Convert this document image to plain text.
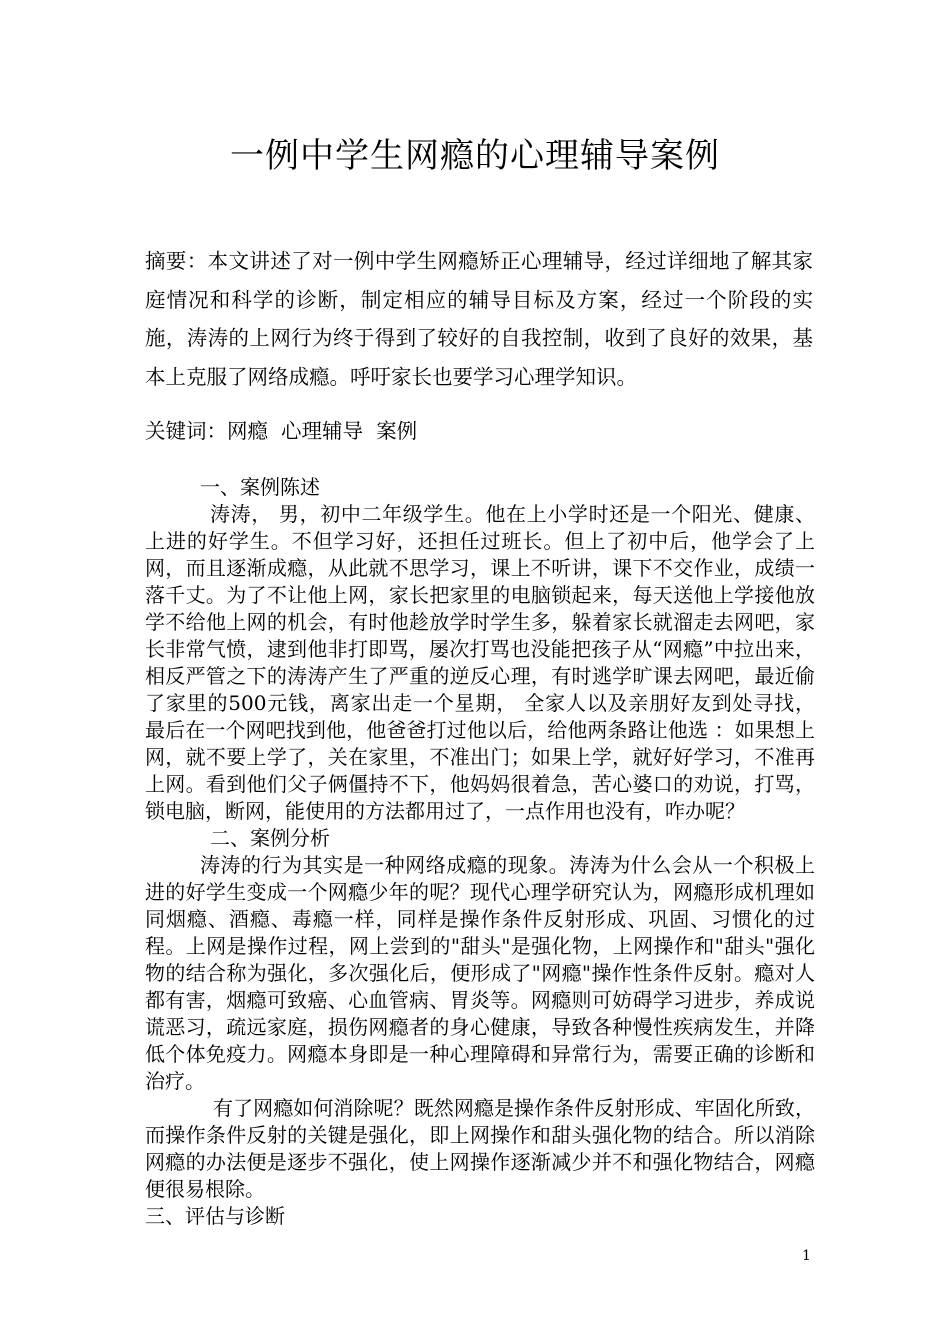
一例中学生网瘾的心理辅导案例

摘要：本文讲述了对一例中学生网瘾矫正心理辅导，经过详细地了解其家庭情况和科学的诊断，制定相应的辅导目标及方案，经过一个阶段的实施，涛涛的上网行为终于得到了较好的自我控制，收到了良好的效果，基本上克服了网络成瘾。呼吁家长也要学习心理学知识。

关键词：网瘾  心理辅导  案例

一、案例陈述

涛涛， 男，初中二年级学生。他在上小学时还是一个阳光、健康、上进的好学生。不但学习好，还担任过班长。但上了初中后，他学会了上网，而且逐渐成瘾，从此就不思学习，课上不听讲，课下不交作业，成绩一落千丈。为了不让他上网，家长把家里的电脑锁起来，每天送他上学接他放学不给他上网的机会，有时他趁放学时学生多，躲着家长就溜走去网吧，家长非常气愤，逮到他非打即骂，屡次打骂也没能把孩子从“网瘾”中拉出来，相反严管之下的涛涛产生了严重的逆反心理，有时逃学旷课去网吧，最近偷了家里的500元钱，离家出走一个星期， 全家人以及亲朋好友到处寻找， 最后在一个网吧找到他，他爸爸打过他以后，给他两条路让他选 ：如果想上网，就不要上学了，关在家里，不准出门；如果上学，就好好学习，不准再上网。看到他们父子俩僵持不下，他妈妈很着急，苦心婆口的劝说，打骂，锁电脑，断网，能使用的方法都用过了，一点作用也没有，咋办呢？

二、案例分析

涛涛的行为其实是一种网络成瘾的现象。涛涛为什么会从一个积极上进的好学生变成一个网瘾少年的呢？现代心理学研究认为，网瘾形成机理如同烟瘾、酒瘾、毒瘾一样，同样是操作条件反射形成、巩固、习惯化的过程。上网是操作过程，网上尝到的"甜头"是强化物，上网操作和"甜头"强化物的结合称为强化，多次强化后，便形成了"网瘾"操作性条件反射。瘾对人都有害，烟瘾可致癌、心血管病、胃炎等。网瘾则可妨碍学习进步，养成说谎恶习，疏远家庭，损伤网瘾者的身心健康，导致各种慢性疾病发生，并降低个体免疫力。网瘾本身即是一种心理障碍和异常行为，需要正确的诊断和治疗。

有了网瘾如何消除呢？既然网瘾是操作条件反射形成、牢固化所致，而操作条件反射的关键是强化，即上网操作和甜头强化物的结合。所以消除网瘾的办法便是逐步不强化，使上网操作逐渐减少并不和强化物结合，网瘾便很易根除。

三、评估与诊断

1
